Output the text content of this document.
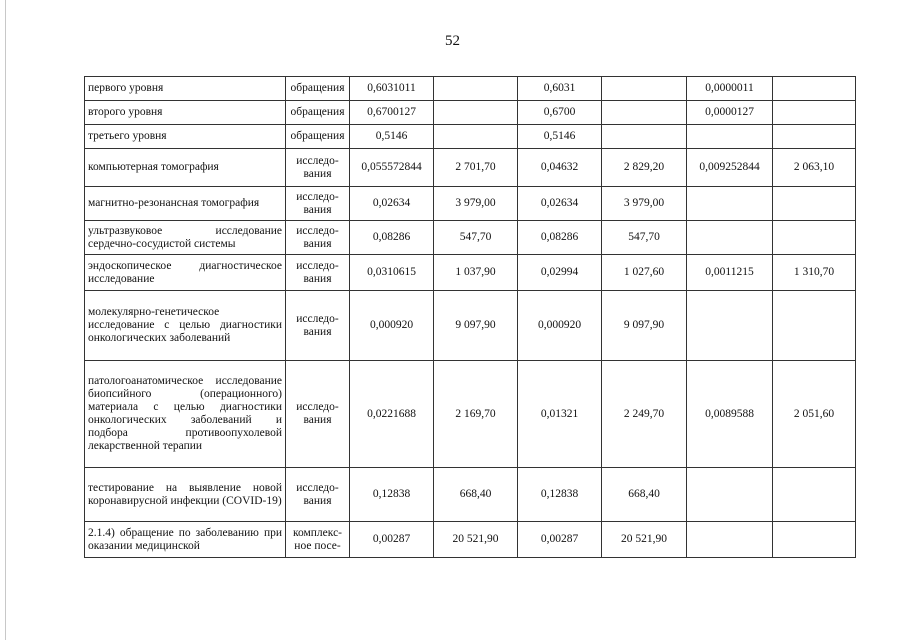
52
первого уровня	обращения	0,6031011		0,6031		0,0000011	
второго уровня	обращения	0,6700127		0,6700		0,0000127	
третьего уровня	обращения	0,5146		0,5146			
компьютерная томография	исследо-вания	0,055572844	2 701,70	0,04632	2 829,20	0,009252844	2 063,10
магнитно-резонансная томография	исследо-вания	0,02634	3 979,00	0,02634	3 979,00		
ультразвуковое исследование сердечно-сосудистой системы	исследо-вания	0,08286	547,70	0,08286	547,70		
эндоскопическое диагностическое исследование	исследо-вания	0,0310615	1 037,90	0,02994	1 027,60	0,0011215	1 310,70
молекулярно-генетическое исследование с целью диагностики онкологических заболеваний	исследо-вания	0,000920	9 097,90	0,000920	9 097,90		
патологоанатомическое исследование биопсийного (операционного) материала с целью диагностики онкологических заболеваний и подбора противоопухолевой лекарственной терапии	исследо-вания	0,0221688	2 169,70	0,01321	2 249,70	0,0089588	2 051,60
тестирование на выявление новой коронавирусной инфекции (COVID-19)	исследо-вания	0,12838	668,40	0,12838	668,40		
2.1.4) обращение по заболеванию при оказании медицинской	комплекс-ное посе-	0,00287	20 521,90	0,00287	20 521,90		
